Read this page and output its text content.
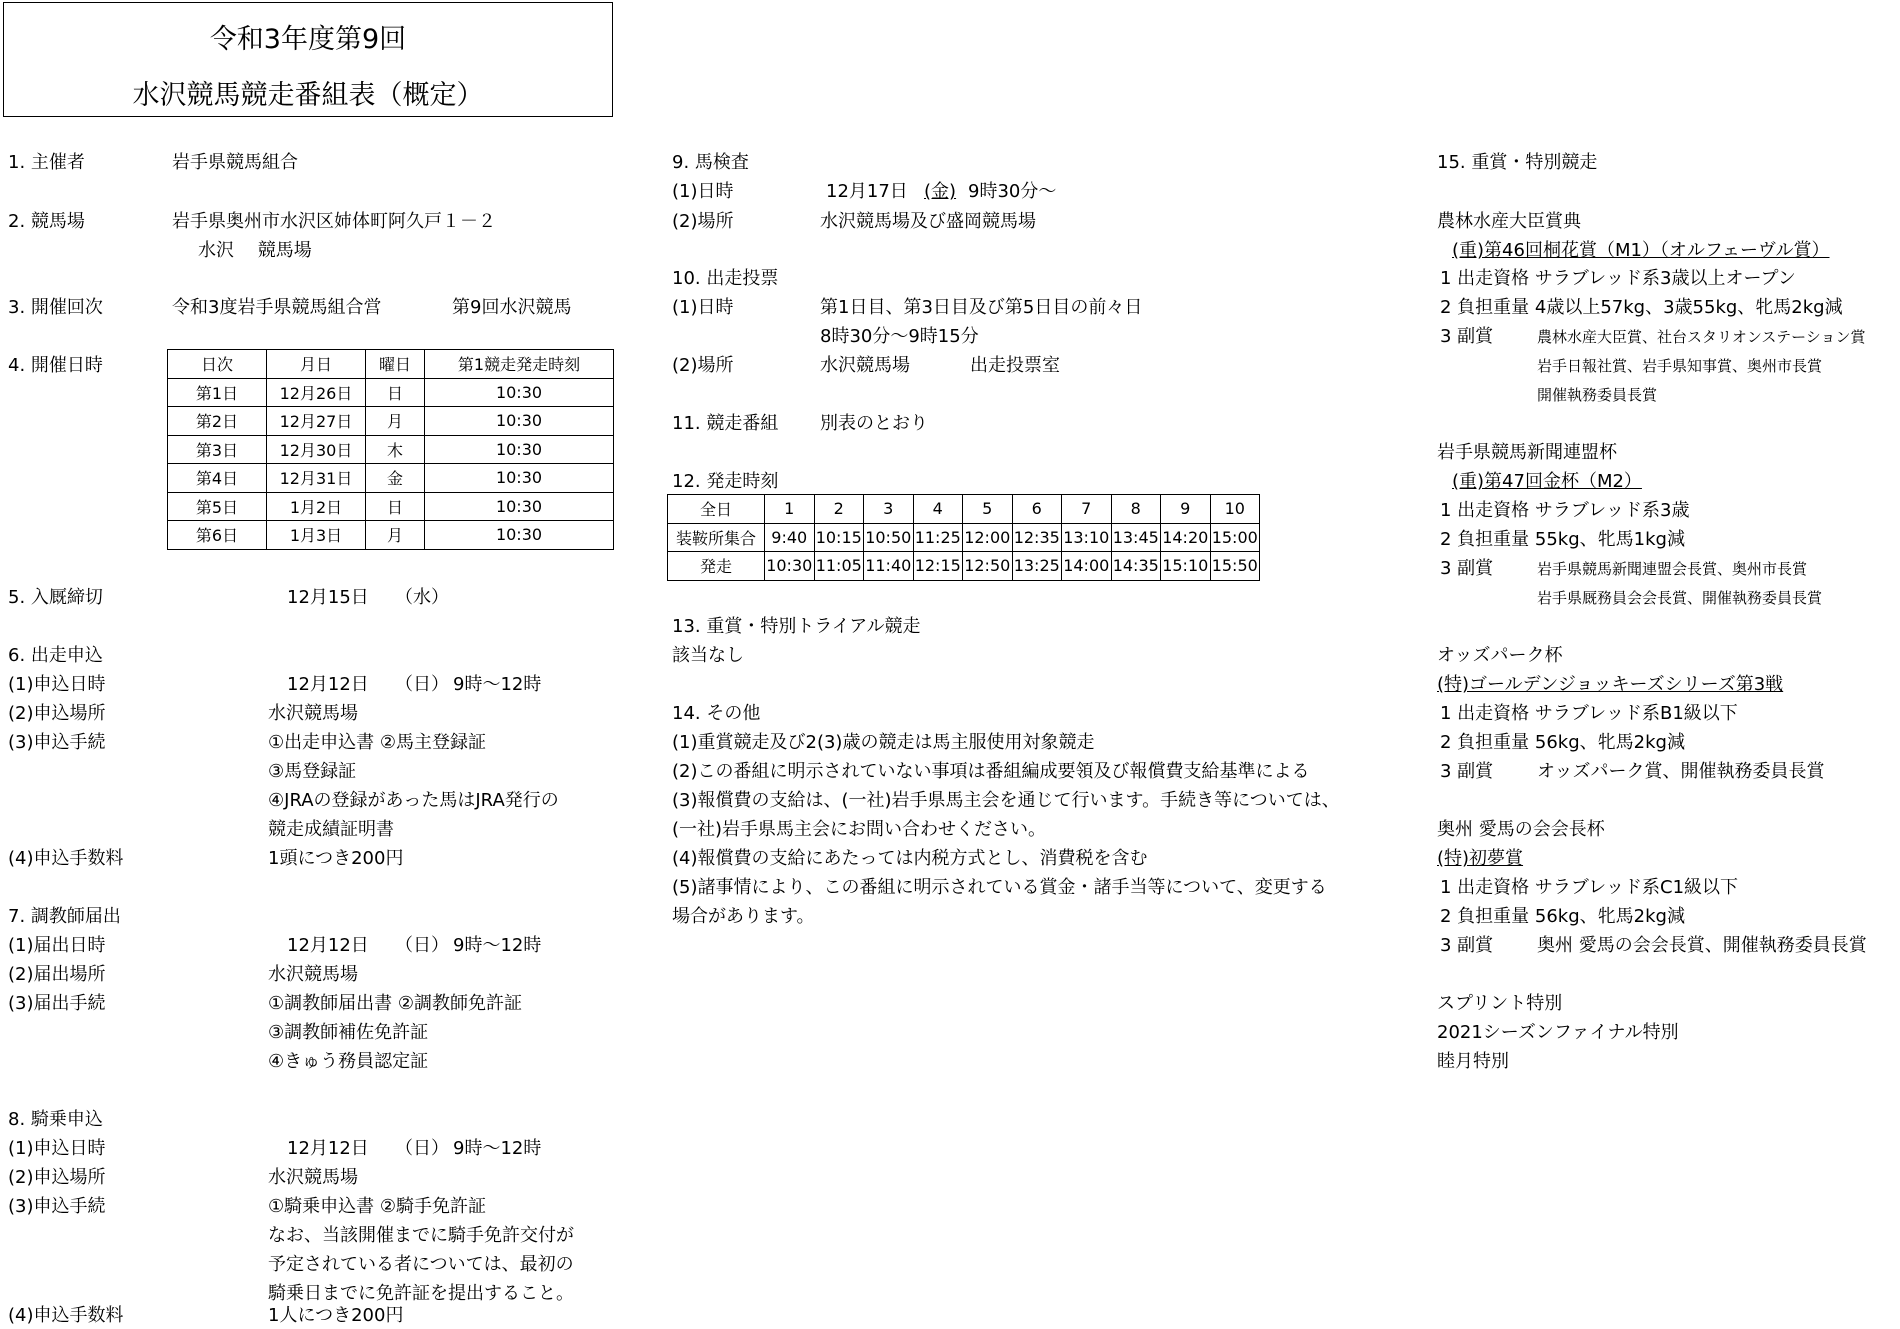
令和3年度第9回
水沢競馬競走番組表（概定）
1. 主催者	岩手県競馬組合
2. 競馬場	岩手県奥州市水沢区姉体町阿久戸１－２
水沢 　競馬場
3. 開催回次	令和3度岩手県競馬組合営	第9回水沢競馬
4. 開催日時	日次	月日	曜日	第1競走発走時刻
第1日	12月26日	日	10:30
第2日	12月27日	月	10:30
第3日	12月30日	木	10:30
第4日	12月31日	金	10:30
第5日	1月2日	日	10:30
第6日	1月3日	月	10:30
5. 入厩締切	12月15日 （水）
6. 出走申込
(1)申込日時	12月12日 （日） 9時～12時
(2)申込場所	水沢競馬場
(3)申込手続	①出走申込書 ②馬主登録証
③馬登録証
④JRAの登録があった馬はJRA発行の
競走成績証明書
(4)申込手数料	1頭につき200円
7. 調教師届出
(1)届出日時	12月12日 （日） 9時～12時
(2)届出場所	水沢競馬場
(3)届出手続	①調教師届出書 ②調教師免許証
③調教師補佐免許証
④きゅう務員認定証
8. 騎乗申込
(1)申込日時	12月12日 （日） 9時～12時
(2)申込場所	水沢競馬場
(3)申込手続	①騎乗申込書 ②騎手免許証
なお、当該開催までに騎手免許交付が
予定されている者については、最初の
騎乗日までに免許証を提出すること。
(4)申込手数料	1人につき200円
9. 馬検査
(1)日時	12月17日 (金) 9時30分～
(2)場所	水沢競馬場及び盛岡競馬場
10. 出走投票
(1)日時	第1日目、第3日目及び第5日目の前々日
8時30分～9時15分
(2)場所	水沢競馬場	出走投票室
11. 競走番組 別表のとおり
12. 発走時刻
全日	1	2	3	4	5	6	7	8	9	10
装鞍所集合	9:40	10:15	10:50	11:25	12:00	12:35	13:10	13:45	14:20	15:00
発走	10:30	11:05	11:40	12:15	12:50	13:25	14:00	14:35	15:10	15:50
13. 重賞・特別トライアル競走
該当なし
14. その他
(1)重賞競走及び2(3)歳の競走は馬主服使用対象競走
(2)この番組に明示されていない事項は番組編成要領及び報償費支給基準による
(3)報償費の支給は、(一社)岩手県馬主会を通じて行います。手続き等については、
(一社)岩手県馬主会にお問い合わせください。
(4)報償費の支給にあたっては内税方式とし、消費税を含む
(5)諸事情により、この番組に明示されている賞金・諸手当等について、変更する
場合があります。
15. 重賞・特別競走
農林水産大臣賞典
(重)第46回桐花賞（M1）（オルフェーヴル賞）
1 出走資格 サラブレッド系3歳以上オープン
2 負担重量 4歳以上57kg、3歳55kg、牝馬2kg減
3 副賞	農林水産大臣賞、社台スタリオンステーション賞
岩手日報社賞、岩手県知事賞、奥州市長賞
開催執務委員長賞
岩手県競馬新聞連盟杯
(重)第47回金杯（M2）
1 出走資格 サラブレッド系3歳
2 負担重量 55kg、牝馬1kg減
3 副賞	岩手県競馬新聞連盟会長賞、奥州市長賞
岩手県厩務員会会長賞、開催執務委員長賞
オッズパーク杯
(特)ゴールデンジョッキーズシリーズ第3戦
1 出走資格 サラブレッド系B1級以下
2 負担重量 56kg、牝馬2kg減
3 副賞 オッズパーク賞、開催執務委員長賞
奥州 愛馬の会会長杯
(特)初夢賞
1 出走資格 サラブレッド系C1級以下
2 負担重量 56kg、牝馬2kg減
3 副賞 奥州 愛馬の会会長賞、開催執務委員長賞
スプリント特別
2021シーズンファイナル特別
睦月特別
